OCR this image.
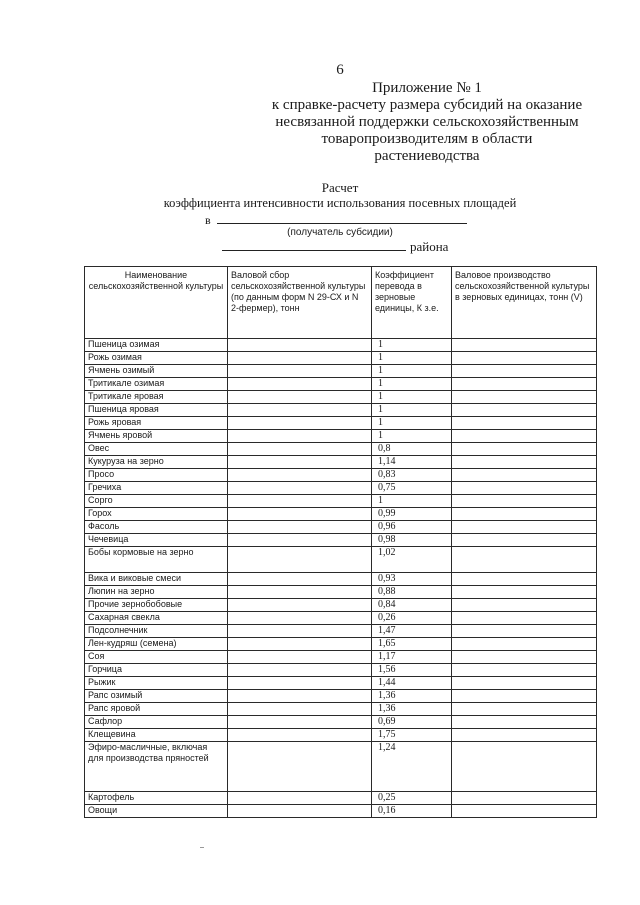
6
Приложение № 1
к справке-расчету размера субсидий на оказание
несвязанной поддержки сельскохозяйственным
товаропроизводителям в области
растениеводства
Расчет
коэффициента интенсивности использования посевных площадей
в
(получатель субсидии)
района
Наименование сельскохозяйственной культуры	Валовой сбор сельскохозяйственной культуры (по данным форм N 29-СХ и N 2-фермер), тонн	Коэффициент перевода в зерновые единицы, К з.е.	Валовое производство сельскохозяйственной культуры в зерновых единицах, тонн (V)
Пшеница озимая		1	
Рожь озимая		1	
Ячмень озимый		1	
Тритикале озимая		1	
Тритикале яровая		1	
Пшеница яровая		1	
Рожь яровая		1	
Ячмень яровой		1	
Овес		0,8	
Кукуруза на зерно		1,14	
Просо		0,83	
Гречиха		0,75	
Сорго		1	
Горох		0,99	
Фасоль		0,96	
Чечевица		0,98	
Бобы кормовые на зерно		1,02	
Вика и виковые смеси		0,93	
Люпин на зерно		0,88	
Прочие зернобобовые		0,84	
Сахарная свекла		0,26	
Подсолнечник		1,47	
Лен-кудряш (семена)		1,65	
Соя		1,17	
Горчица		1,56	
Рыжик		1,44	
Рапс озимый		1,36	
Рапс яровой		1,36	
Сафлор		0,69	
Клещевина		1,75	
Эфиро-масличные, включая для производства пряностей		1,24	
Картофель		0,25	
Овощи		0,16	
